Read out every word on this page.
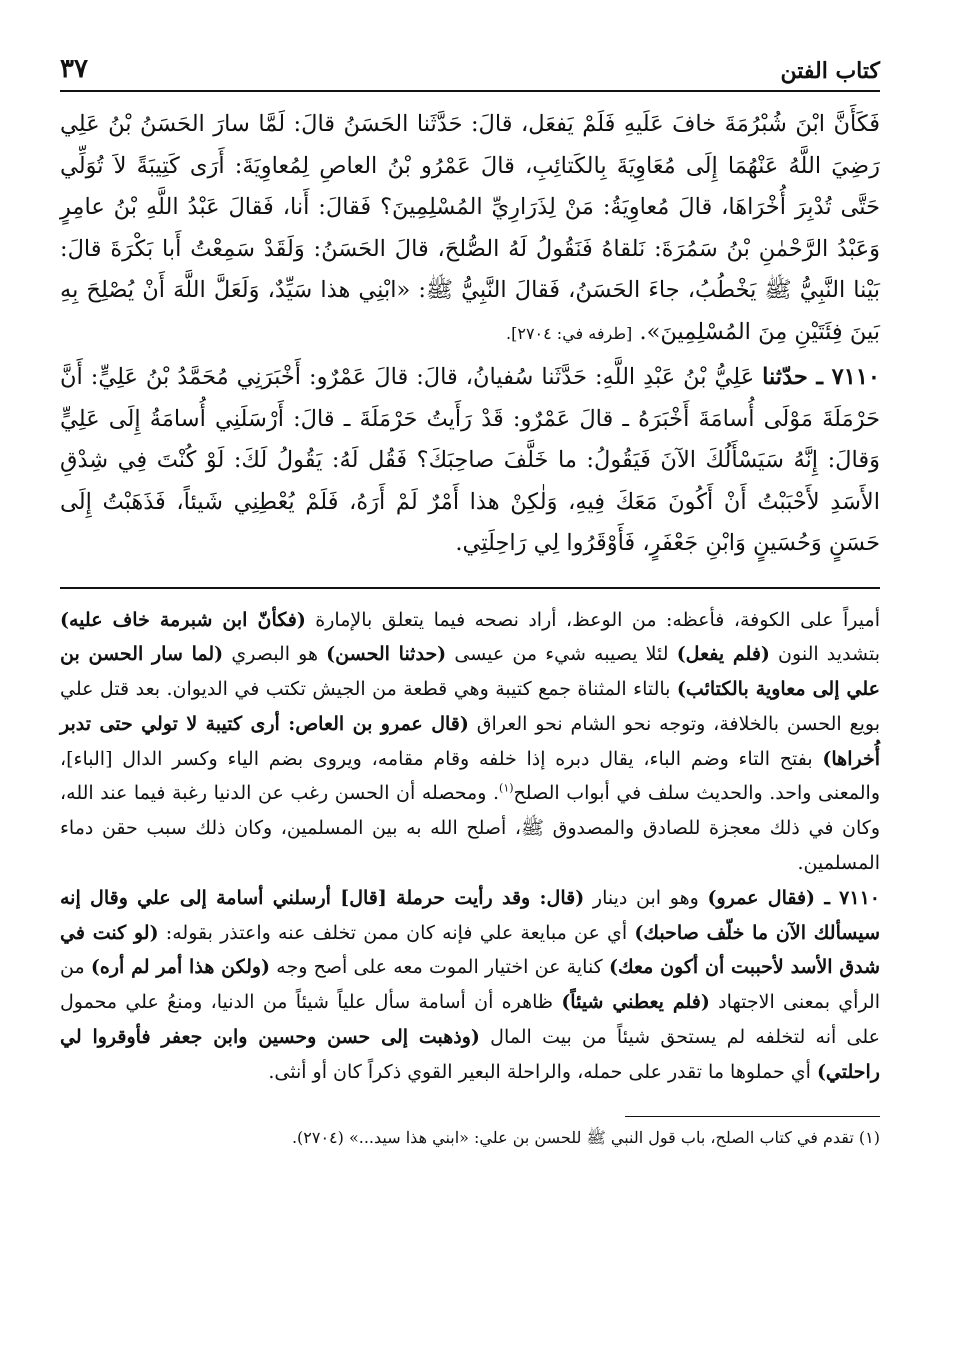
كتاب الفتن
٣٧

فَكَأَنَّ ابْنَ شُبْرُمَةَ خافَ عَلَيهِ فَلَمْ يَفعَل، قالَ: حَدَّثَنا الحَسَنُ قالَ: لَمَّا سارَ الحَسَنُ بْنُ عَلِي رَضِيَ اللَّهُ عَنْهُمَا إِلَى مُعَاوِيَةَ بِالكَتائِبِ، قالَ عَمْرُو بْنُ العاصِ لِمُعاوِيَةَ: أَرَى كَتِيبَةً لاَ تُوَلِّي حَتَّى تُدْبِرَ أُخْرَاهَا، قالَ مُعاوِيَةُ: مَنْ لِذَرَارِيِّ المُسْلِمِينَ؟ فَقالَ: أَنا، فَقالَ عَبْدُ اللَّهِ بْنُ عامِرٍ وَعَبْدُ الرَّحْمٰنِ بْنُ سَمُرَةَ: نَلقاهُ فَنَقُولُ لَهُ الصُّلحَ، قالَ الحَسَنُ: وَلَقَدْ سَمِعْتُ أَبا بَكْرَةَ قالَ: بَيْنا النَّبِيُّ ﷺ يَخْطُبُ، جاءَ الحَسَنُ، فَقالَ النَّبِيُّ ﷺ: «ابْنِي هذا سَيِّدٌ، وَلَعَلَّ اللَّهَ أَنْ يُصْلِحَ بِهِ بَينَ فِئَتَيْنِ مِنَ المُسْلِمِينَ». [طرفه في: ٢٧٠٤].

٧١١٠ ـ حدّثنا عَلِيُّ بْنُ عَبْدِ اللَّهِ: حَدَّثَنا سُفيانُ، قالَ: قالَ عَمْرٌو: أَخْبَرَنِي مُحَمَّدُ بْنُ عَلِيٍّ: أَنَّ حَرْمَلَةَ مَوْلَى أُسامَةَ أَخْبَرَهُ ـ قالَ عَمْرٌو: قَدْ رَأَيتُ حَرْمَلَةَ ـ قالَ: أَرْسَلَنِي أُسامَةُ إِلَى عَلِيٍّ وَقالَ: إِنَّهُ سَيَسْأَلُكَ الآنَ فَيَقُولُ: ما خَلَّفَ صاحِبَكَ؟ فَقُل لَهُ: يَقُولُ لَكَ: لَوْ كُنْتَ فِي شِدْقِ الأَسَدِ لأَحْبَبْتُ أَنْ أَكُونَ مَعَكَ فِيهِ، وَلٰكِنْ هذا أَمْرٌ لَمْ أَرَهُ، فَلَمْ يُعْطِنِي شَيئاً، فَذَهَبْتُ إِلَى حَسَنٍ وَحُسَينٍ وَابْنِ جَعْفَرٍ، فَأَوْقَرُوا لِي رَاحِلَتِي.

أميراً على الكوفة، فأعظه: من الوعظ، أراد نصحه فيما يتعلق بالإمارة (فكأنّ ابن شبرمة خاف عليه) بتشديد النون (فلم يفعل) لئلا يصيبه شيء من عيسى (حدثنا الحسن) هو البصري (لما سار الحسن بن علي إلى معاوية بالكتائب) بالتاء المثناة جمع كتيبة وهي قطعة من الجيش تكتب في الديوان. بعد قتل علي بويع الحسن بالخلافة، وتوجه نحو الشام نحو العراق (قال عمرو بن العاص: أرى كتيبة لا تولي حتى تدبر أُخراها) بفتح التاء وضم الباء، يقال دبره إذا خلفه وقام مقامه، ويروى بضم الياء وكسر الدال [الباء]، والمعنى واحد. والحديث سلف في أبواب الصلح$^{(١)}$. ومحصله أن الحسن رغب عن الدنيا رغبة فيما عند الله، وكان في ذلك معجزة للصادق والمصدوق ﷺ، أصلح الله به بين المسلمين، وكان ذلك سبب حقن دماء المسلمين.

٧١١٠ ـ (فقال عمرو) وهو ابن دينار (قال: وقد رأيت حرملة [قال] أرسلني أسامة إلى علي وقال إنه سيسألك الآن ما خلّف صاحبك) أي عن مبايعة علي فإنه كان ممن تخلف عنه واعتذر بقوله: (لو كنت في شدق الأسد لأحببت أن أكون معك) كناية عن اختيار الموت معه على أصح وجه (ولكن هذا أمر لم أره) من الرأي بمعنى الاجتهاد (فلم يعطني شيئاً) ظاهره أن أسامة سأل علياً شيئاً من الدنيا، ومنعُ علي محمول على أنه لتخلفه لم يستحق شيئاً من بيت المال (وذهبت إلى حسن وحسين وابن جعفر فأوقروا لي راحلتي) أي حملوها ما تقدر على حمله، والراحلة البعير القوي ذكراً كان أو أنثى.

(١) تقدم في كتاب الصلح، باب قول النبي ﷺ للحسن بن علي: «ابني هذا سيد...» (٢٧٠٤).
